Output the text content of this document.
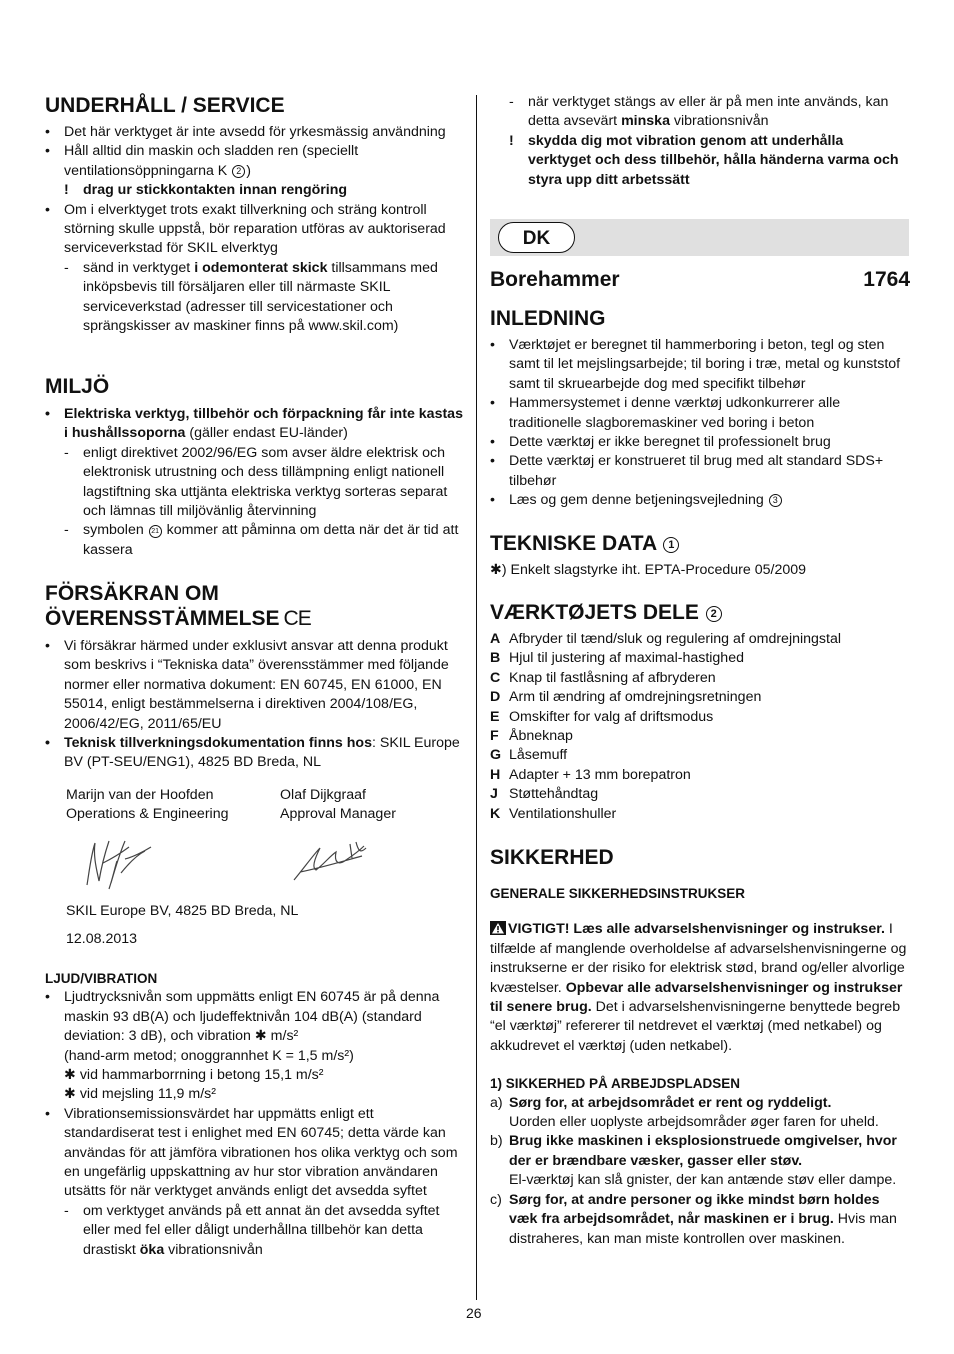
UNDERHÅLL / SERVICE
• Det här verktyget är inte avsedd för yrkesmässig användning
• Håll alltid din maskin och sladden ren (speciellt ventilationsöppningarna K 2 )
! drag ur stickkontakten innan rengöring
• Om i elverktyget trots exakt tillverkning och sträng kontroll störning skulle uppstå, bör reparation utföras av auktoriserad serviceverkstad för SKIL elverktyg
- sänd in verktyget i odemonterat skick tillsammans med inköpsbevis till försäljaren eller till närmaste SKIL serviceverkstad (adresser till servicestationer och sprängskisser av maskiner finns på www.skil.com)
MILJÖ
• Elektriska verktyg, tillbehör och förpackning får inte kastas i hushållssoporna (gäller endast EU-länder)
- enligt direktivet 2002/96/EG som avser äldre elektrisk och elektronisk utrustning och dess tillämpning enligt nationell lagstiftning ska uttjänta elektriska verktyg sorteras separat och lämnas till miljövänlig återvinning
- symbolen 21 kommer att påminna om detta när det är tid att kassera
FÖRSÄKRAN OM
ÖVERENSSTÄMMELSE CE
• Vi försäkrar härmed under exklusivt ansvar att denna produkt som beskrivs i “Tekniska data” överensstämmer med följande normer eller normativa dokument: EN 60745, EN 61000, EN 55014, enligt bestämmelserna i direktiven 2004/108/EG, 2006/42/EG, 2011/65/EU
• Teknisk tillverkningsdokumentation finns hos: SKIL Europe BV (PT-SEU/ENG1), 4825 BD Breda, NL
Marijn van der Hoofden
Operations & Engineering
Olaf Dijkgraaf
Approval Manager
SKIL Europe BV, 4825 BD Breda, NL
12.08.2013
LJUD/VIBRATION
• Ljudtrycksnivån som uppmätts enligt EN 60745 är på denna maskin 93 dB(A) och ljudeffektnivån 104 dB(A) (standard deviation: 3 dB), och vibration ✱ m/s²
(hand-arm metod; onoggrannhet K = 1,5 m/s²)
✱ vid hammarborrning i betong 15,1 m/s²
✱ vid mejsling 11,9 m/s²
• Vibrationsemissionsvärdet har uppmätts enligt ett standardiserat test i enlighet med EN 60745; detta värde kan användas för att jämföra vibrationen hos olika verktyg och som en ungefärlig uppskattning av hur stor vibration användaren utsätts för när verktyget används enligt det avsedda syftet
- om verktyget används på ett annat än det avsedda syftet eller med fel eller dåligt underhållna tillbehör kan detta drastiskt öka vibrationsnivån
- när verktyget stängs av eller är på men inte används, kan detta avsevärt minska vibrationsnivån
!	skydda dig mot vibration genom att underhålla verktyget och dess tillbehör, hålla händerna varma och styra upp ditt arbetssätt
DK
Borehammer	1764
INLEDNING
• Værktøjet er beregnet til hammerboring i beton, tegl og sten samt til let mejslingsarbejde; til boring i træ, metal og kunststof samt til skruearbejde dog med specifikt tilbehør
• Hammersystemet i denne værktøj udkonkurrerer alle traditionelle slagboremaskiner ved boring i beton
• Dette værktøj er ikke beregnet til professionelt brug
• Dette værktøj er konstrueret til brug med alt standard SDS+ tilbehør
• Læs og gem denne betjeningsvejledning 3
TEKNISKE DATA 1
✱) Enkelt slagstyrke iht. EPTA-Procedure 05/2009
VÆRKTØJETS DELE 2
A Afbryder til tænd/sluk og regulering af omdrejningstal
B Hjul til justering af maximal-hastighed
C Knap til fastlåsning af afbryderen
D Arm til ændring af omdrejningsretningen
E Omskifter for valg af driftsmodus
F Åbneknap
G Låsemuff
H Adapter + 13 mm borepatron
J Støttehåndtag
K Ventilationshuller
SIKKERHED
GENERALE SIKKERHEDSINSTRUKSER
VIGTIGT! Læs alle advarselshenvisninger og instrukser. I tilfælde af manglende overholdelse af advarselshenvisningerne og instrukserne er der risiko for elektrisk stød, brand og/eller alvorlige kvæstelser. Opbevar alle advarselshenvisninger og instrukser til senere brug. Det i advarselshenvisningerne benyttede begreb “el værktøj” refererer til netdrevet el værktøj (med netkabel) og akkudrevet el værktøj (uden netkabel).
1) SIKKERHED PÅ ARBEJDSPLADSEN
a) Sørg for, at arbejdsområdet er rent og ryddeligt.
Uorden eller uoplyste arbejdsområder øger faren for uheld.
b) Brug ikke maskinen i eksplosionstruede omgivelser, hvor der er brændbare væsker, gasser eller støv.
El-værktøj kan slå gnister, der kan antænde støv eller dampe.
c) Sørg for, at andre personer og ikke mindst børn holdes væk fra arbejdsområdet, når maskinen er i brug. Hvis man distraheres, kan man miste kontrollen over maskinen.
26
